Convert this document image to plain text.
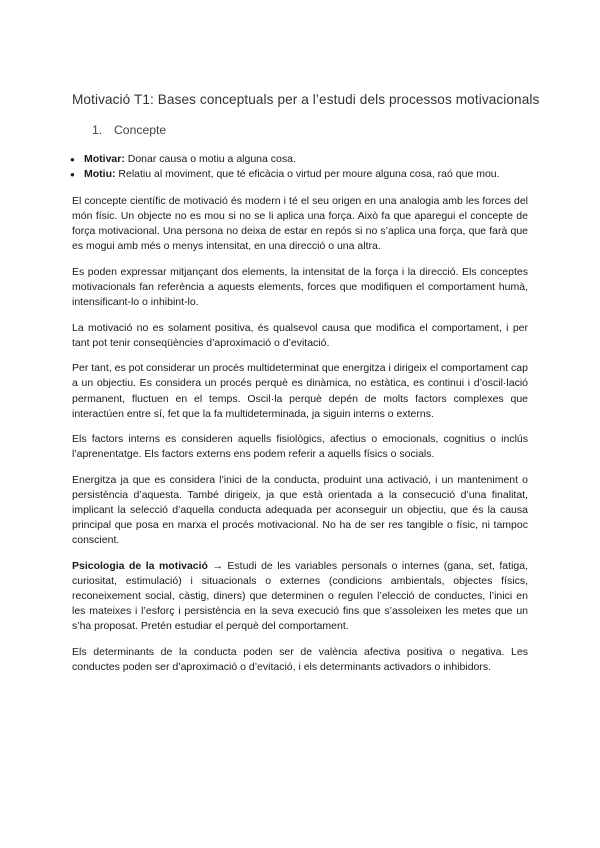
Motivació T1: Bases conceptuals per a l’estudi dels processos motivacionals
1. Concepte
● Motivar: Donar causa o motiu a alguna cosa.
● Motiu: Relatiu al moviment, que té eficàcia o virtud per moure alguna cosa, raó que mou.

El concepte científic de motivació és modern i té el seu origen en una analogia amb les forces del món físic. Un objecte no es mou si no se li aplica una força. Això fa que aparegui el concepte de força motivacional. Una persona no deixa de estar en repós si no s’aplica una força, que farà que es mogui amb més o menys intensitat, en una direcció o una altra.

Es poden expressar mitjançant dos elements, la intensitat de la força i la direcció. Els conceptes motivacionals fan referència a aquests elements, forces que modifiquen el comportament humà, intensificant-lo o inhibint-lo.

La motivació no es solament positiva, és qualsevol causa que modifica el comportament, i per tant pot tenir conseqüències d’aproximació o d’evitació.

Per tant, es pot considerar un procés multideterminat que energitza i dirigeix el comportament cap a un objectiu. Es considera un procés perquè es dinàmica, no estàtica, es continui i d’oscil·lació permanent, fluctuen en el temps. Oscil·la perquè depén de molts factors complexes que interactúen entre sí, fet que la fa multideterminada, ja siguin interns o externs.

Els factors interns es consideren aquells fisiològics, afectius o emocionals, cognitius o inclús l’aprenentatge. Els factors externs ens podem referir a aquells físics o socials.

Energitza ja que es considera l’inici de la conducta, produint una activació, i un manteniment o persistència d’aquesta. També dirigeix, ja que està orientada a la consecució d’una finalitat, implicant la selecció d’aquella conducta adequada per aconseguir un objectiu, que és la causa principal que posa en marxa el procés motivacional. No ha de ser res tangible o físic, ni tampoc conscient.

Psicologia de la motivació → Estudi de les variables personals o internes (gana, set, fatiga, curiositat, estimulació) i situacionals o externes (condicions ambientals, objectes físics, reconeixement social, càstig, diners) que determinen o regulen l’elecció de conductes, l’inici en les mateixes i l’esforç i persistència en la seva execució fins que s’assoleixen les metes que un s’ha proposat. Pretén estudiar el perquè del comportament.

Els determinants de la conducta poden ser de valència afectiva positiva o negativa. Les conductes poden ser d’aproximació o d’evitació, i els determinants activadors o inhibidors.
